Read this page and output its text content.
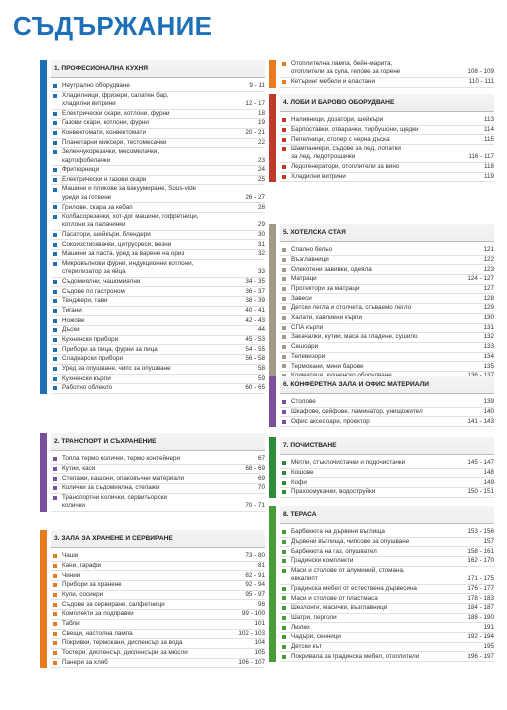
СЪДЪРЖАНИЕ
1. ПРОФЕСИОНАЛНА КУХНЯ
Неутрално оборудване	9 - 11
Хладилници, фризери, салатен бар,
хладилни витрини	12 - 17
Електрически скари, котлони, фурни	18
Газови скари, котлони, фурни	19
Конвектомати, конвектомати	20 - 21
Планетарни миксери, тестомесачки	22
Зеленчукорезачки, месомелачки,
картофобелачки	23
Фритюрници	24
Електрически и газови скари	25
Машини и пликове за вакуумиране, Sous-vide
уреди за готвене	26 - 27
Грилове, скара за кебап	28
Колбасорезачки, хот-дог машини, гофретници,
котлони за палачинки	29
Пасатори, шейкъри, блендери	30
Сокоизстисквачки, цитрусреси, везни	31
Машини за паста, уред за варене на ориз	32
Микровълнови фурни, индукционни котлони,
стерилизатор за яйца	33
Съдомиялни, чашомиялни	34 - 35
Съдове по гастроном	36 - 37
Тенджери, тави	38 - 39
Тигани	40 - 41
Ножове	42 - 43
Дъски	44
Кухненски прибори	45 - 53
Прибори за пица, фурни за пица	54 - 55
Сладкарски прибори	56 - 58
Уред за опушване, чипс за опушване	58
Кухненски кърпи	59
Работно облекло	60 - 65
2. ТРАНСПОРТ И СЪХРАНЕНИЕ
Топла термо колички, термо контейнери	67
Кутии, каси	68 - 69
Стелажи, кашони, опаковъчни материали	69
Колички за съдомиялна, стелажи	70
Транспортни колички, сервитьорски
колички	70 - 71
3. ЗАЛА ЗА ХРАНЕНЕ И СЕРВИРАНЕ
Чаши	73 - 80
Кани, гарафи	81
Чинии	82 - 91
Прибори за хранене	92 - 94
Купи, сосиери	95 - 97
Съдове за сервиране, салфетници	98
Комплекти за подправки	99 - 100
Табли	101
Свещи, настолна лампа	102 - 103
Покривки, термокани, диспенсър за вода	104
Тостери, диспенсър, диспенсъри за мюсли	105
Панери за хляб	106 - 107
Отоплителна лампа, бейн-марита,
отоплители за супа, гелове за горене	108 - 109
Кетъринг мебели и еластани	110 - 111
4. ЛОБИ И БАРОВО ОБОРУДВАНЕ
Наливници, дозатори, шейкъри	113
Барпоставки, отварачки, тирбушони, щедки	114
Пепелници, стопер с черна дъска	115
Шампаниери, съдове за лед, лопатки
за лед, ледотрошачки	116 - 117
Ледогенератори, отоплители за вино	118
Хладилни витрини	119
5. ХОТЕЛСКА СТАЯ
Спално бельо	121
Възглавници	122
Олекотени завивки, одеяла	123
Матраци	124 - 127
Протектори за матраци	127
Завеси	128
Детски легла и столчета, сгъваемо легло	129
Халати, хавлиени кърпи	130
СПА кърпи	131
Закачалки, кутии, маса за гладене, сушило	132
Сешоари	133
Телевизори	134
Термокани, мини барове	135
6. КОНФЕРЕТНА ЗАЛА И ОФИС МАТЕРИАЛИ
Столове	139
Шкафове, сейфове, ламинатор, унищожител	140
Офис аксесоари, проектор	141 - 143
7. ПОЧИСТВАНЕ
Метли, стъклочистачки и подочистачки	145 - 147
Кошове	148
Кофи	149
Прахосмукачки, водоструйки	150 - 151
8. ТЕРАСА
Барбекюта на дървени въглища	153 - 156
Дървени въглища, чипсове за опушване	157
Барбекюта на газ, опушвател	158 - 161
Градински комплекти	162 - 170
Маси и столове от алуминий, стомана,
евкалипт	171 - 175
Градинска мебел от естествена дървесина	176 - 177
Маси и столове от пластмаса	178 - 183
Шезлонги, масички, възглавници	184 - 187
Шатри, перголи	188 - 190
Люлки	191
Чадъри, сенници	192 - 194
Детски кът	195
Покривала за градинска мебел, отоплители	196 - 197
